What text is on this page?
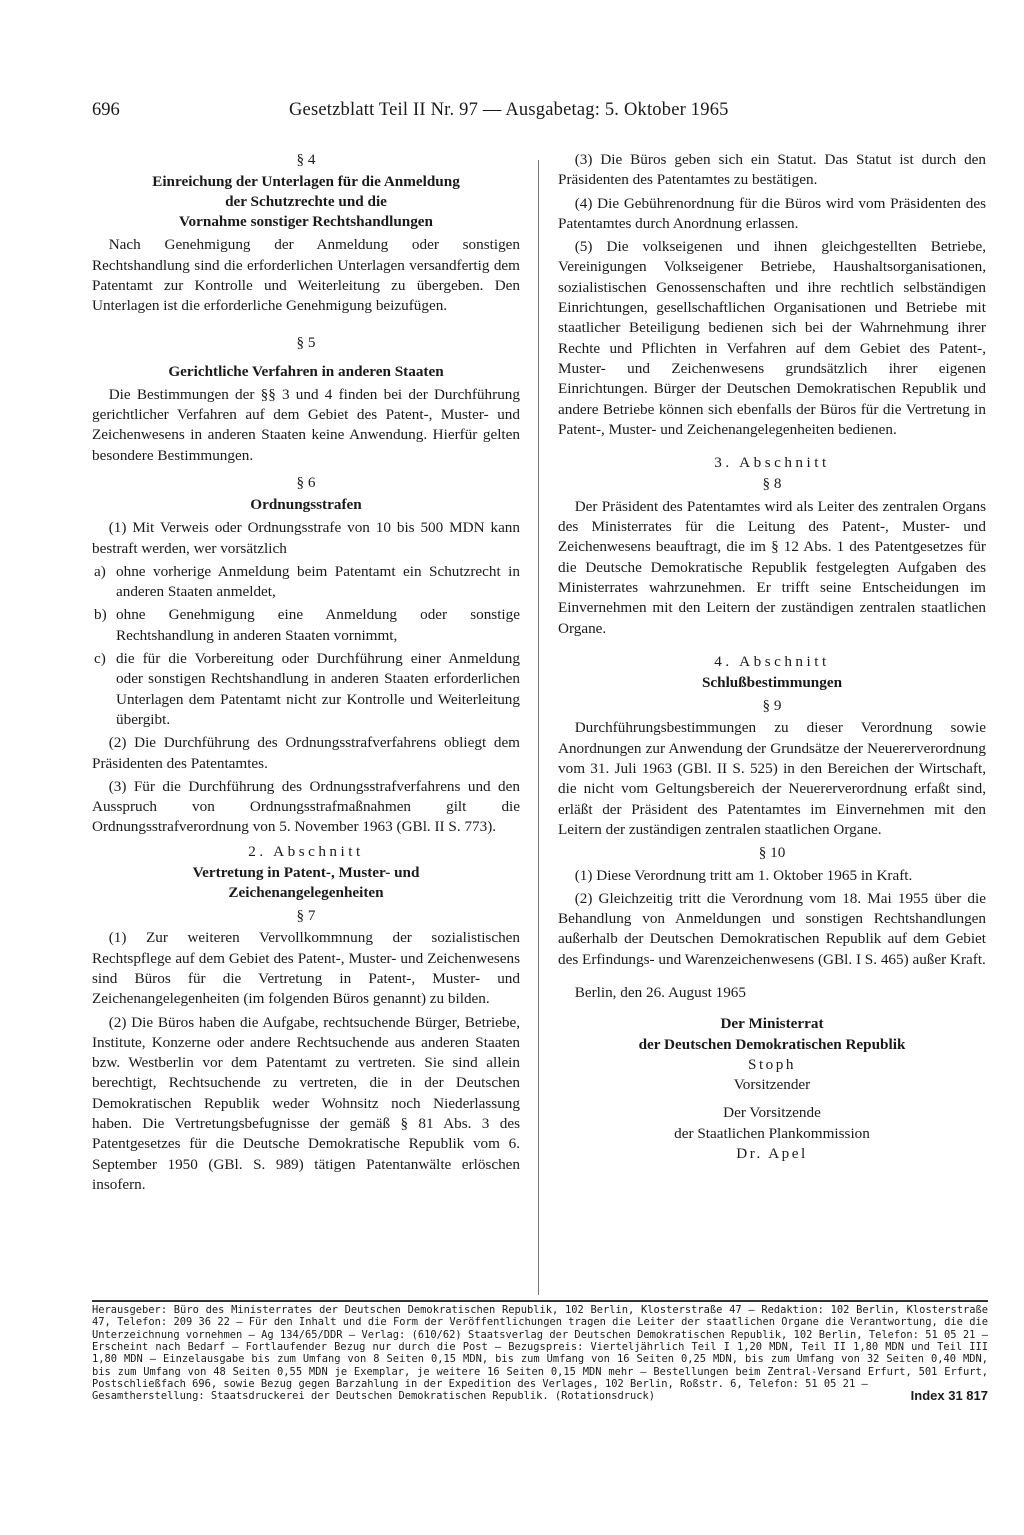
696	Gesetzblatt Teil II Nr. 97 — Ausgabetag: 5. Oktober 1965
§ 4
Einreichung der Unterlagen für die Anmeldung
der Schutzrechte und die
Vornahme sonstiger Rechtshandlungen

Nach Genehmigung der Anmeldung oder sonstigen Rechtshandlung sind die erforderlichen Unterlagen versandfertig dem Patentamt zur Kontrolle und Weiterleitung zu übergeben. Den Unterlagen ist die erforderliche Genehmigung beizufügen.

§ 5
Gerichtliche Verfahren in anderen Staaten

Die Bestimmungen der §§ 3 und 4 finden bei der Durchführung gerichtlicher Verfahren auf dem Gebiet des Patent-, Muster- und Zeichenwesens in anderen Staaten keine Anwendung. Hierfür gelten besondere Bestimmungen.

§ 6
Ordnungsstrafen

(1) Mit Verweis oder Ordnungsstrafe von 10 bis 500 MDN kann bestraft werden, wer vorsätzlich

a) ohne vorherige Anmeldung beim Patentamt ein Schutzrecht in anderen Staaten anmeldet,
b) ohne Genehmigung eine Anmeldung oder sonstige Rechtshandlung in anderen Staaten vornimmt,
c) die für die Vorbereitung oder Durchführung einer Anmeldung oder sonstigen Rechtshandlung in anderen Staaten erforderlichen Unterlagen dem Patentamt nicht zur Kontrolle und Weiterleitung übergibt.

(2) Die Durchführung des Ordnungsstrafverfahrens obliegt dem Präsidenten des Patentamtes.

(3) Für die Durchführung des Ordnungsstrafverfahrens und den Ausspruch von Ordnungsstrafmaßnahmen gilt die Ordnungsstrafverordnung von 5. November 1963 (GBl. II S. 773).

2. Abschnitt
Vertretung in Patent-, Muster- und
Zeichenangelegenheiten
§ 7

(1) Zur weiteren Vervollkommnung der sozialistischen Rechtspflege auf dem Gebiet des Patent-, Muster- und Zeichenwesens sind Büros für die Vertretung in Patent-, Muster- und Zeichenangelegenheiten (im folgenden Büros genannt) zu bilden.

(2) Die Büros haben die Aufgabe, rechtsuchende Bürger, Betriebe, Institute, Konzerne oder andere Rechtsuchende aus anderen Staaten bzw. Westberlin vor dem Patentamt zu vertreten. Sie sind allein berechtigt, Rechtsuchende zu vertreten, die in der Deutschen Demokratischen Republik weder Wohnsitz noch Niederlassung haben. Die Vertretungsbefugnisse der gemäß § 81 Abs. 3 des Patentgesetzes für die Deutsche Demokratische Republik vom 6. September 1950 (GBl. S. 989) tätigen Patentanwälte erlöschen insofern.

(3) Die Büros geben sich ein Statut. Das Statut ist durch den Präsidenten des Patentamtes zu bestätigen.

(4) Die Gebührenordnung für die Büros wird vom Präsidenten des Patentamtes durch Anordnung erlassen.

(5) Die volkseigenen und ihnen gleichgestellten Betriebe, Vereinigungen Volkseigener Betriebe, Haushaltsorganisationen, sozialistischen Genossenschaften und ihre rechtlich selbständigen Einrichtungen, gesellschaftlichen Organisationen und Betriebe mit staatlicher Beteiligung bedienen sich bei der Wahrnehmung ihrer Rechte und Pflichten in Verfahren auf dem Gebiet des Patent-, Muster- und Zeichenwesens grundsätzlich ihrer eigenen Einrichtungen. Bürger der Deutschen Demokratischen Republik und andere Betriebe können sich ebenfalls der Büros für die Vertretung in Patent-, Muster- und Zeichenangelegenheiten bedienen.

3. Abschnitt
§ 8

Der Präsident des Patentamtes wird als Leiter des zentralen Organs des Ministerrates für die Leitung des Patent-, Muster- und Zeichenwesens beauftragt, die im § 12 Abs. 1 des Patentgesetzes für die Deutsche Demokratische Republik festgelegten Aufgaben des Ministerrates wahrzunehmen. Er trifft seine Entscheidungen im Einvernehmen mit den Leitern der zuständigen zentralen staatlichen Organe.

4. Abschnitt
Schlußbestimmungen
§ 9

Durchführungsbestimmungen zu dieser Verordnung sowie Anordnungen zur Anwendung der Grundsätze der Neuererverordnung vom 31. Juli 1963 (GBl. II S. 525) in den Bereichen der Wirtschaft, die nicht vom Geltungsbereich der Neuererverordnung erfaßt sind, erläßt der Präsident des Patentamtes im Einvernehmen mit den Leitern der zuständigen zentralen staatlichen Organe.

§ 10

(1) Diese Verordnung tritt am 1. Oktober 1965 in Kraft.

(2) Gleichzeitig tritt die Verordnung vom 18. Mai 1955 über die Behandlung von Anmeldungen und sonstigen Rechtshandlungen außerhalb der Deutschen Demokratischen Republik auf dem Gebiet des Erfindungs- und Warenzeichenwesens (GBl. I S. 465) außer Kraft.

Berlin, den 26. August 1965

Der Ministerrat
der Deutschen Demokratischen Republik
Stoph
Vorsitzender
Der Vorsitzende
der Staatlichen Plankommission
Dr. Apel
Herausgeber: Büro des Ministerrates der Deutschen Demokratischen Republik, 102 Berlin, Klosterstraße 47 — Redaktion: 102 Berlin, Klosterstraße 47, Telefon: 209 36 22 — Für den Inhalt und die Form der Veröffentlichungen tragen die Leiter der staatlichen Organe die Verantwortung, die die Unterzeichnung vornehmen — Ag 134/65/DDR — Verlag: (610/62) Staatsverlag der Deutschen Demokratischen Republik, 102 Berlin, Telefon: 51 05 21 — Erscheint nach Bedarf — Fortlaufender Bezug nur durch die Post — Bezugspreis: Vierteljährlich Teil I 1,20 MDN, Teil II 1,80 MDN und Teil III 1,80 MDN — Einzelausgabe bis zum Umfang von 8 Seiten 0,15 MDN, bis zum Umfang von 16 Seiten 0,25 MDN, bis zum Umfang von 32 Seiten 0,40 MDN, bis zum Umfang von 48 Seiten 0,55 MDN je Exemplar, je weitere 16 Seiten 0,15 MDN mehr — Bestellungen beim Zentral-Versand Erfurt, 501 Erfurt, Postschließfach 696, sowie Bezug gegen Barzahlung in der Expedition des Verlages, 102 Berlin, Roßstr. 6, Telefon: 51 05 21 —
Gesamtherstellung: Staatsdruckerei der Deutschen Demokratischen Republik. (Rotationsdruck)	Index 31 817
